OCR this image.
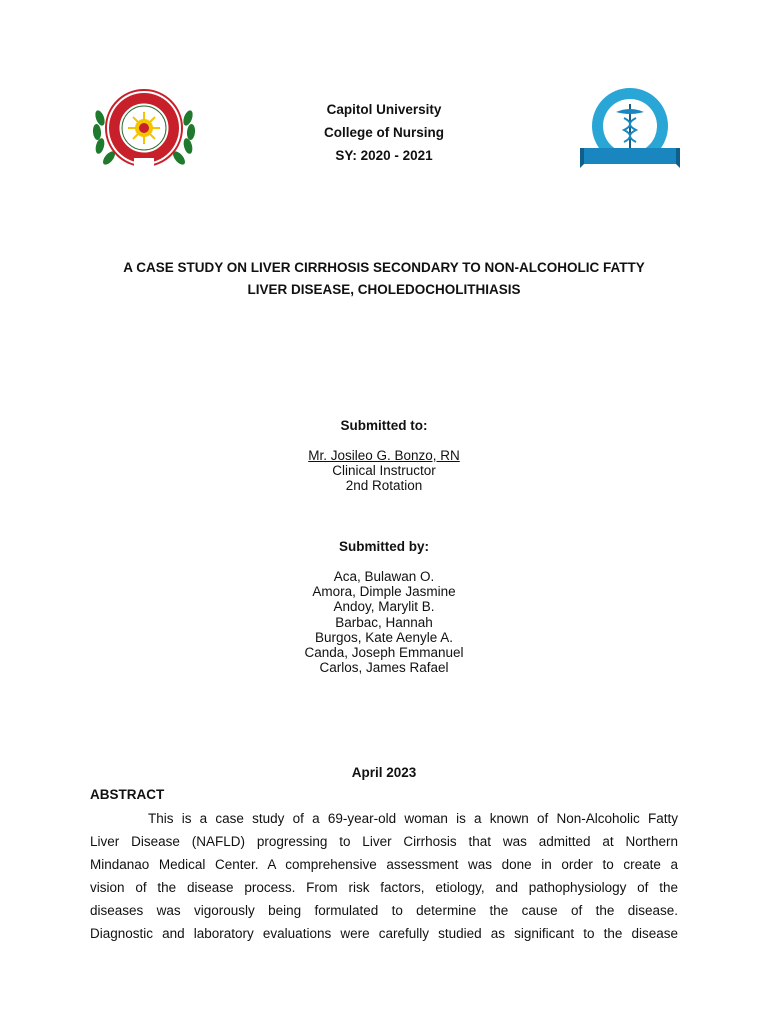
Capitol University
College of Nursing
SY: 2020 - 2021
A CASE STUDY ON LIVER CIRRHOSIS SECONDARY TO NON-ALCOHOLIC FATTY
LIVER DISEASE, CHOLEDOCHOLITHIASIS
Submitted to:
Mr. Josileo G. Bonzo, RN
Clinical Instructor
2nd Rotation
Submitted by:
Aca, Bulawan O.
Amora, Dimple Jasmine
Andoy, Marylit B.
Barbac, Hannah
Burgos, Kate Aenyle A.
Canda, Joseph Emmanuel
Carlos, James Rafael
April 2023
ABSTRACT
This is a case study of a 69-year-old woman is a known of Non-Alcoholic Fatty
Liver Disease (NAFLD) progressing to Liver Cirrhosis that was admitted at Northern
Mindanao Medical Center. A comprehensive assessment was done in order to create a
vision of the disease process. From risk factors, etiology, and pathophysiology of the
diseases was vigorously being formulated to determine the cause of the disease.
Diagnostic and laboratory evaluations were carefully studied as significant to the disease
